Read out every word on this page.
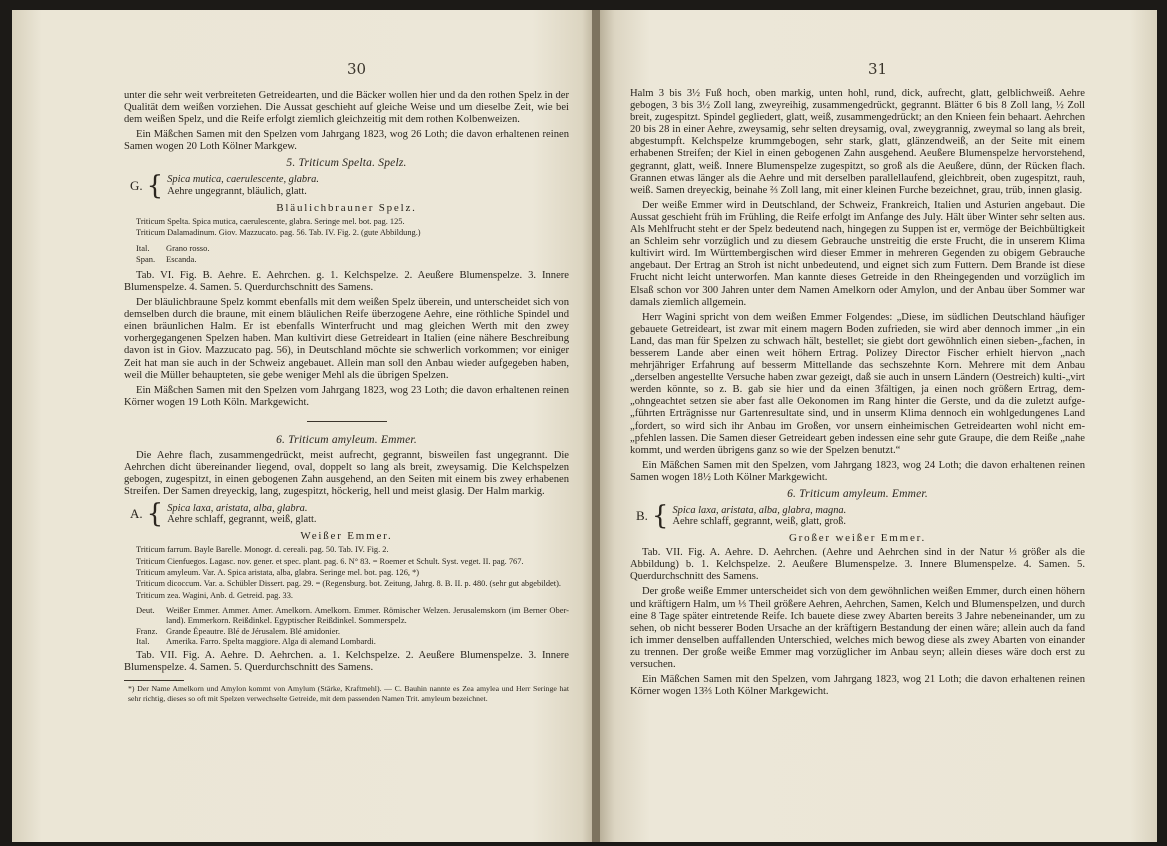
30

unter die sehr weit verbreiteten Getreidearten, und die Bäcker wollen hier und da den rothen Spelz in der Qualität dem weißen vorziehen. Die Aussat geschieht auf gleiche Weise und um dieselbe Zeit, wie bei dem weißen Spelz, und die Reife erfolgt ziemlich gleichzeitig mit dem rothen Kolbenweizen.

Ein Mäßchen Samen mit den Spelzen vom Jahrgang 1823, wog 26 Loth; die davon erhaltenen reinen Samen wogen 20 Loth Kölner Markgew.

5. Triticum Spelta. Spelz.
G. { Spica mutica, caerulescente, glabra.
Aehre ungegrannt, bläulich, glatt.
Bläulichbrauner Spelz.
Triticum Spelta. Spica mutica, caerulescente, glabra. Seringe mel. bot. pag. 125.
Triticum Dalamadinum. Giov. Mazzucato. pag. 56. Tab. IV. Fig. 2. (gute Abbildung.)
Ital.	Grano rosso.
Span.	Escanda.

Tab. VI. Fig. B. Aehre. E. Aehrchen. g. 1. Kelchspelze. 2. Aeußere Blumenspelze. 3. Innere Blumenspelze. 4. Samen. 5. Querdurchschnitt des Samens.

Der bläulichbraune Spelz kommt ebenfalls mit dem weißen Spelz überein, und unterscheidet sich von demselben durch die braune, mit einem bläulichen Reife überzogene Aehre, eine röthliche Spindel und einen bräunlichen Halm. Er ist ebenfalls Winterfrucht und mag gleichen Werth mit den zwey vorhergegangenen Spelzen haben. Man kultivirt diese Getreideart in Italien (eine nähere Beschreibung davon ist in Giov. Mazzucato pag. 56), in Deutschland möchte sie schwerlich vorkommen; vor einiger Zeit hat man sie auch in der Schweiz angebauet. Allein man soll den Anbau wieder aufgegeben haben, weil die Müller behaupteten, sie gebe weniger Mehl als die übrigen Spelzen.

Ein Mäßchen Samen mit den Spelzen vom Jahrgang 1823, wog 23 Loth; die davon erhaltenen reinen Körner wogen 19 Loth Köln. Markgewicht.

6. Triticum amyleum. Emmer.

Die Aehre flach, zusammengedrückt, meist aufrecht, gegrannt, bisweilen fast ungegrannt. Die Aehrchen dicht übereinander liegend, oval, doppelt so lang als breit, zweysamig. Die Kelchspelzen gebogen, zugespitzt, in einen gebogenen Zahn ausgehend, an den Seiten mit einem bis zwey erhabenen Streifen. Der Samen dreyeckig, lang, zugespitzt, höckerig, hell und meist glasig. Der Halm markig.

A. { Spica laxa, aristata, alba, glabra.
Aehre schlaff, gegrannt, weiß, glatt.
Weißer Emmer.
Triticum farrum. Bayle Barelle. Monogr. d. cereali. pag. 50. Tab. IV. Fig. 2.
Triticum Cienfuegos. Lagasc. nov. gener. et spec. plant. pag. 6. N° 83. = Roemer et Schult. Syst. veget. II. pag. 767.
Triticum amyleum. Var. A. Spica aristata, alba, glabra. Seringe mel. bot. pag. 126, *)
Triticum dicoccum. Var. a. Schübler Dissert. pag. 29. = (Regensburg. bot. Zeitung, Jahrg. 8. B. II. p. 480. (sehr gut abgebildet).
Triticum zea. Wagini, Anb. d. Getreid. pag. 33.
Deut.	Weißer Emmer. Ammer. Amer. Amelkorn. Amelkorn. Emmer. Römischer Welzen. Jerusalemskorn (im Berner Ober-land). Emmerkorn. Reißdinkel. Egyptischer Reißdinkel. Sommerspelz.
Franz.	Grande Épeautre. Blé de Jérusalem. Blé amidonier.
Ital.	Amerika. Farro. Spelta maggiore. Alga di alemand Lombardi.

Tab. VII. Fig. A. Aehre. D. Aehrchen. a. 1. Kelchspelze. 2. Aeußere Blumenspelze. 3. Innere Blumenspelze. 4. Samen. 5. Querdurchschnitt des Samens.

*) Der Name Amelkorn und Amylon kommt von Amylum (Stärke, Kraftmehl). — C. Bauhin nannte es Zea amylea und Herr Seringe hat sehr richtig, dieses so oft mit Spelzen verwechselte Getreide, mit dem passenden Namen Trit. amyleum bezeichnet.
31

Halm 3 bis 3½ Fuß hoch, oben markig, unten hohl, rund, dick, aufrecht, glatt, gelblichweiß. Aehre gebogen, 3 bis 3½ Zoll lang, zweyreihig, zusammengedrückt, gegrannt. Blätter 6 bis 8 Zoll lang, ½ Zoll breit, zugespitzt. Spindel gegliedert, glatt, weiß, zusammengedrückt; an den Knieen fein behaart. Aehrchen 20 bis 28 in einer Aehre, zweysamig, sehr selten dreysamig, oval, zweygrannig, zweymal so lang als breit, abgestumpft. Kelchspelze krummgebogen, sehr stark, glatt, glänzendweiß, an der Seite mit einem erhabenen Streifen; der Kiel in einen gebogenen Zahn ausgehend. Aeußere Blumenspelze hervorstehend, gegrannt, glatt, weiß. Innere Blumenspelze zugespitzt, so groß als die Aeußere, dünn, der Rücken flach. Grannen etwas länger als die Aehre und mit derselben parallellaufend, gleichbreit, oben zugespitzt, rauh, weiß. Samen dreyeckig, beinahe ⅔ Zoll lang, mit einer kleinen Furche bezeichnet, grau, trüb, innen glasig.

Der weiße Emmer wird in Deutschland, der Schweiz, Frankreich, Italien und Asturien angebaut. Die Aussat geschieht früh im Frühling, die Reife erfolgt im Anfange des July. Hält über Winter sehr selten aus. Als Mehlfrucht steht er der Spelz bedeutend nach, hingegen zu Suppen ist er, vermöge der Beichbültigkeit an Schleim sehr vorzüglich und zu diesem Gebrauche unstreitig die erste Frucht, die in unserem Klima kultivirt wird. Im Württembergischen wird dieser Emmer in mehreren Gegenden zu obigem Gebrauche angebaut. Der Ertrag an Stroh ist nicht unbedeutend, und eignet sich zum Futtern. Dem Brande ist diese Frucht nicht leicht unterworfen. Man kannte dieses Getreide in den Rheingegenden und vorzüglich im Elsaß schon vor 300 Jahren unter dem Namen Amelkorn oder Amylon, und der Anbau über Sommer war damals ziemlich allgemein.

Herr Wagini spricht von dem weißen Emmer Folgendes: „Diese, im südlichen Deutschland häufiger gebauete Getreideart, ist zwar mit einem magern Boden zufrieden, sie wird aber dennoch immer „in ein Land, das man für Spelzen zu schwach hält, bestellet; sie giebt dort gewöhnlich einen sieben-„fachen, in besserem Lande aber einen weit höhern Ertrag. Polizey Director Fischer erhielt hiervon „nach mehrjähriger Erfahrung auf besserm Mittellande das sechszehnte Korn. Mehrere mit dem Anbau „derselben angestellte Versuche haben zwar gezeigt, daß sie auch in unsern Ländern (Oestreich) kulti-„virt werden könnte, so z. B. gab sie hier und da einen 3fältigen, ja einen noch größern Ertrag, dem-„ohngeachtet setzen sie aber fast alle Oekonomen im Rang hinter die Gerste, und da die zuletzt aufge-„führten Erträgnisse nur Gartenresultate sind, und in unserm Klima dennoch ein wohlgedungenes Land „fordert, so wird sich ihr Anbau im Großen, vor unsern einheimischen Getreidearten wohl nicht em-„pfehlen lassen. Die Samen dieser Getreideart geben indessen eine sehr gute Graupe, die dem Reiße „nahe kommt, und werden übrigens ganz so wie der Spelzen benutzt.“

Ein Mäßchen Samen mit den Spelzen, vom Jahrgang 1823, wog 24 Loth; die davon erhaltenen reinen Samen wogen 18½ Loth Kölner Markgewicht.

6. Triticum amyleum. Emmer.
B. { Spica laxa, aristata, alba, glabra, magna.
Aehre schlaff, gegrannt, weiß, glatt, groß.
Großer weißer Emmer.

Tab. VII. Fig. A. Aehre. D. Aehrchen. (Aehre und Aehrchen sind in der Natur ⅓ größer als die Abbildung) b. 1. Kelchspelze. 2. Aeußere Blumenspelze. 3. Innere Blumenspelze. 4. Samen. 5. Querdurchschnitt des Samens.

Der große weiße Emmer unterscheidet sich von dem gewöhnlichen weißen Emmer, durch einen höhern und kräftigern Halm, um ⅓ Theil größere Aehren, Aehrchen, Samen, Kelch und Blumenspelzen, und durch eine 8 Tage später eintretende Reife. Ich bauete diese zwey Abarten bereits 3 Jahre nebeneinander, um zu sehen, ob nicht besserer Boden Ursache an der kräftigern Bestandung der einen wäre; allein auch da fand ich immer denselben auffallenden Unterschied, welches mich bewog diese als zwey Abarten von einander zu trennen. Der große weiße Emmer mag vorzüglicher im Anbau seyn; allein dieses wäre doch erst zu versuchen.

Ein Mäßchen Samen mit den Spelzen, vom Jahrgang 1823, wog 21 Loth; die davon erhaltenen reinen Körner wogen 13⅔ Loth Kölner Markgewicht.
